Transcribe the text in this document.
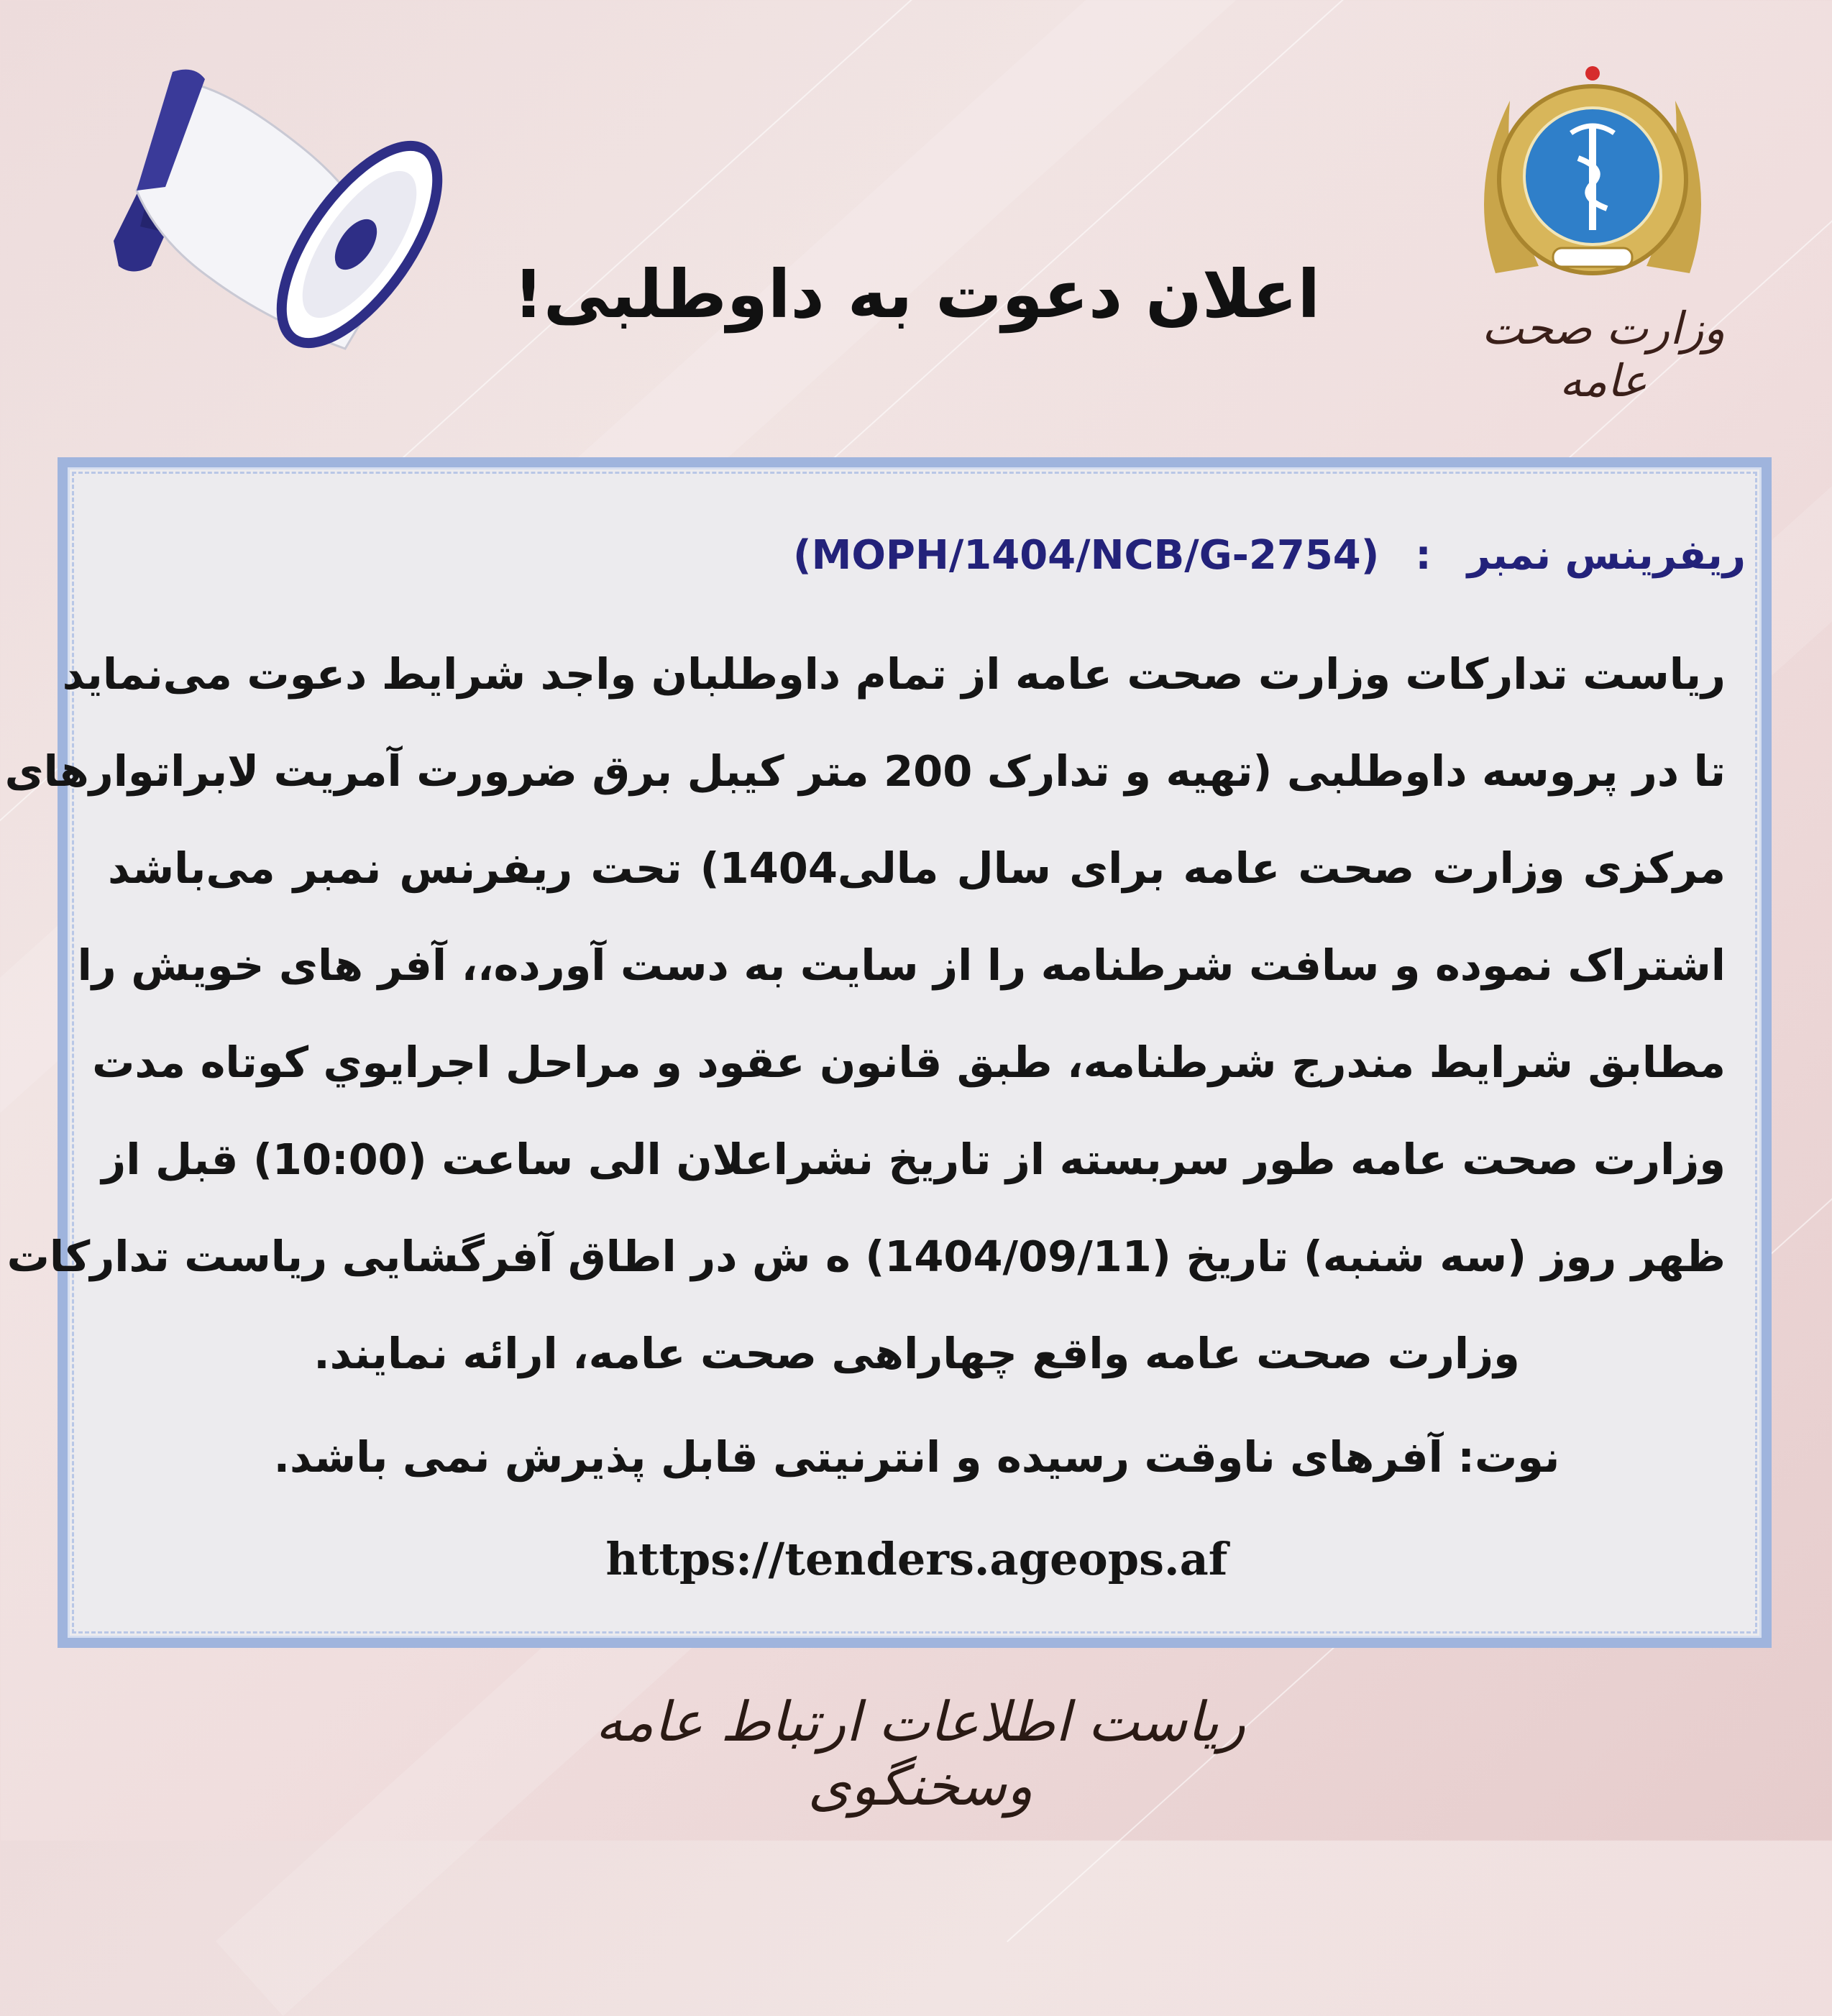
اعلان دعوت به داوطلبی!	وزارت صحت عامه
ریفرینس نمبر:(MOPH/1404/NCB/G-2754)
ریاست تدارکات وزارت صحت عامه از تمام داوطلبان واجد شرایط دعوت می‌نماید
تا در پروسه داوطلبی (تهیه و تدارک 200 متر کیبل برق ضرورت آمریت لابراتوارهای
مرکزی وزارت صحت عامه برای سال مالی1404) تحت ریفرنس نمبر می‌باشد
اشتراک نموده و سافت شرطنامه را از سایت به دست آورده،، آفر های خویش را
مطابق شرایط مندرج شرطنامه، طبق قانون عقود و مراحل اجرایوي کوتاه مدت
وزارت صحت عامه طور سربسته از تاریخ نشراعلان الی ساعت (10:00) قبل از
ظهر روز (سه شنبه) تاریخ (1404/09/11) ه ش در اطاق آفرگشایی ریاست تدارکات
وزارت صحت عامه واقع چهاراهی صحت عامه، ارائه نمایند.
نوت: آفرهای ناوقت رسیده و انترنیتی قابل پذیرش نمی باشد.
https://tenders.ageops.af
ریاست اطلاعات ارتباط عامه وسخنگوی
